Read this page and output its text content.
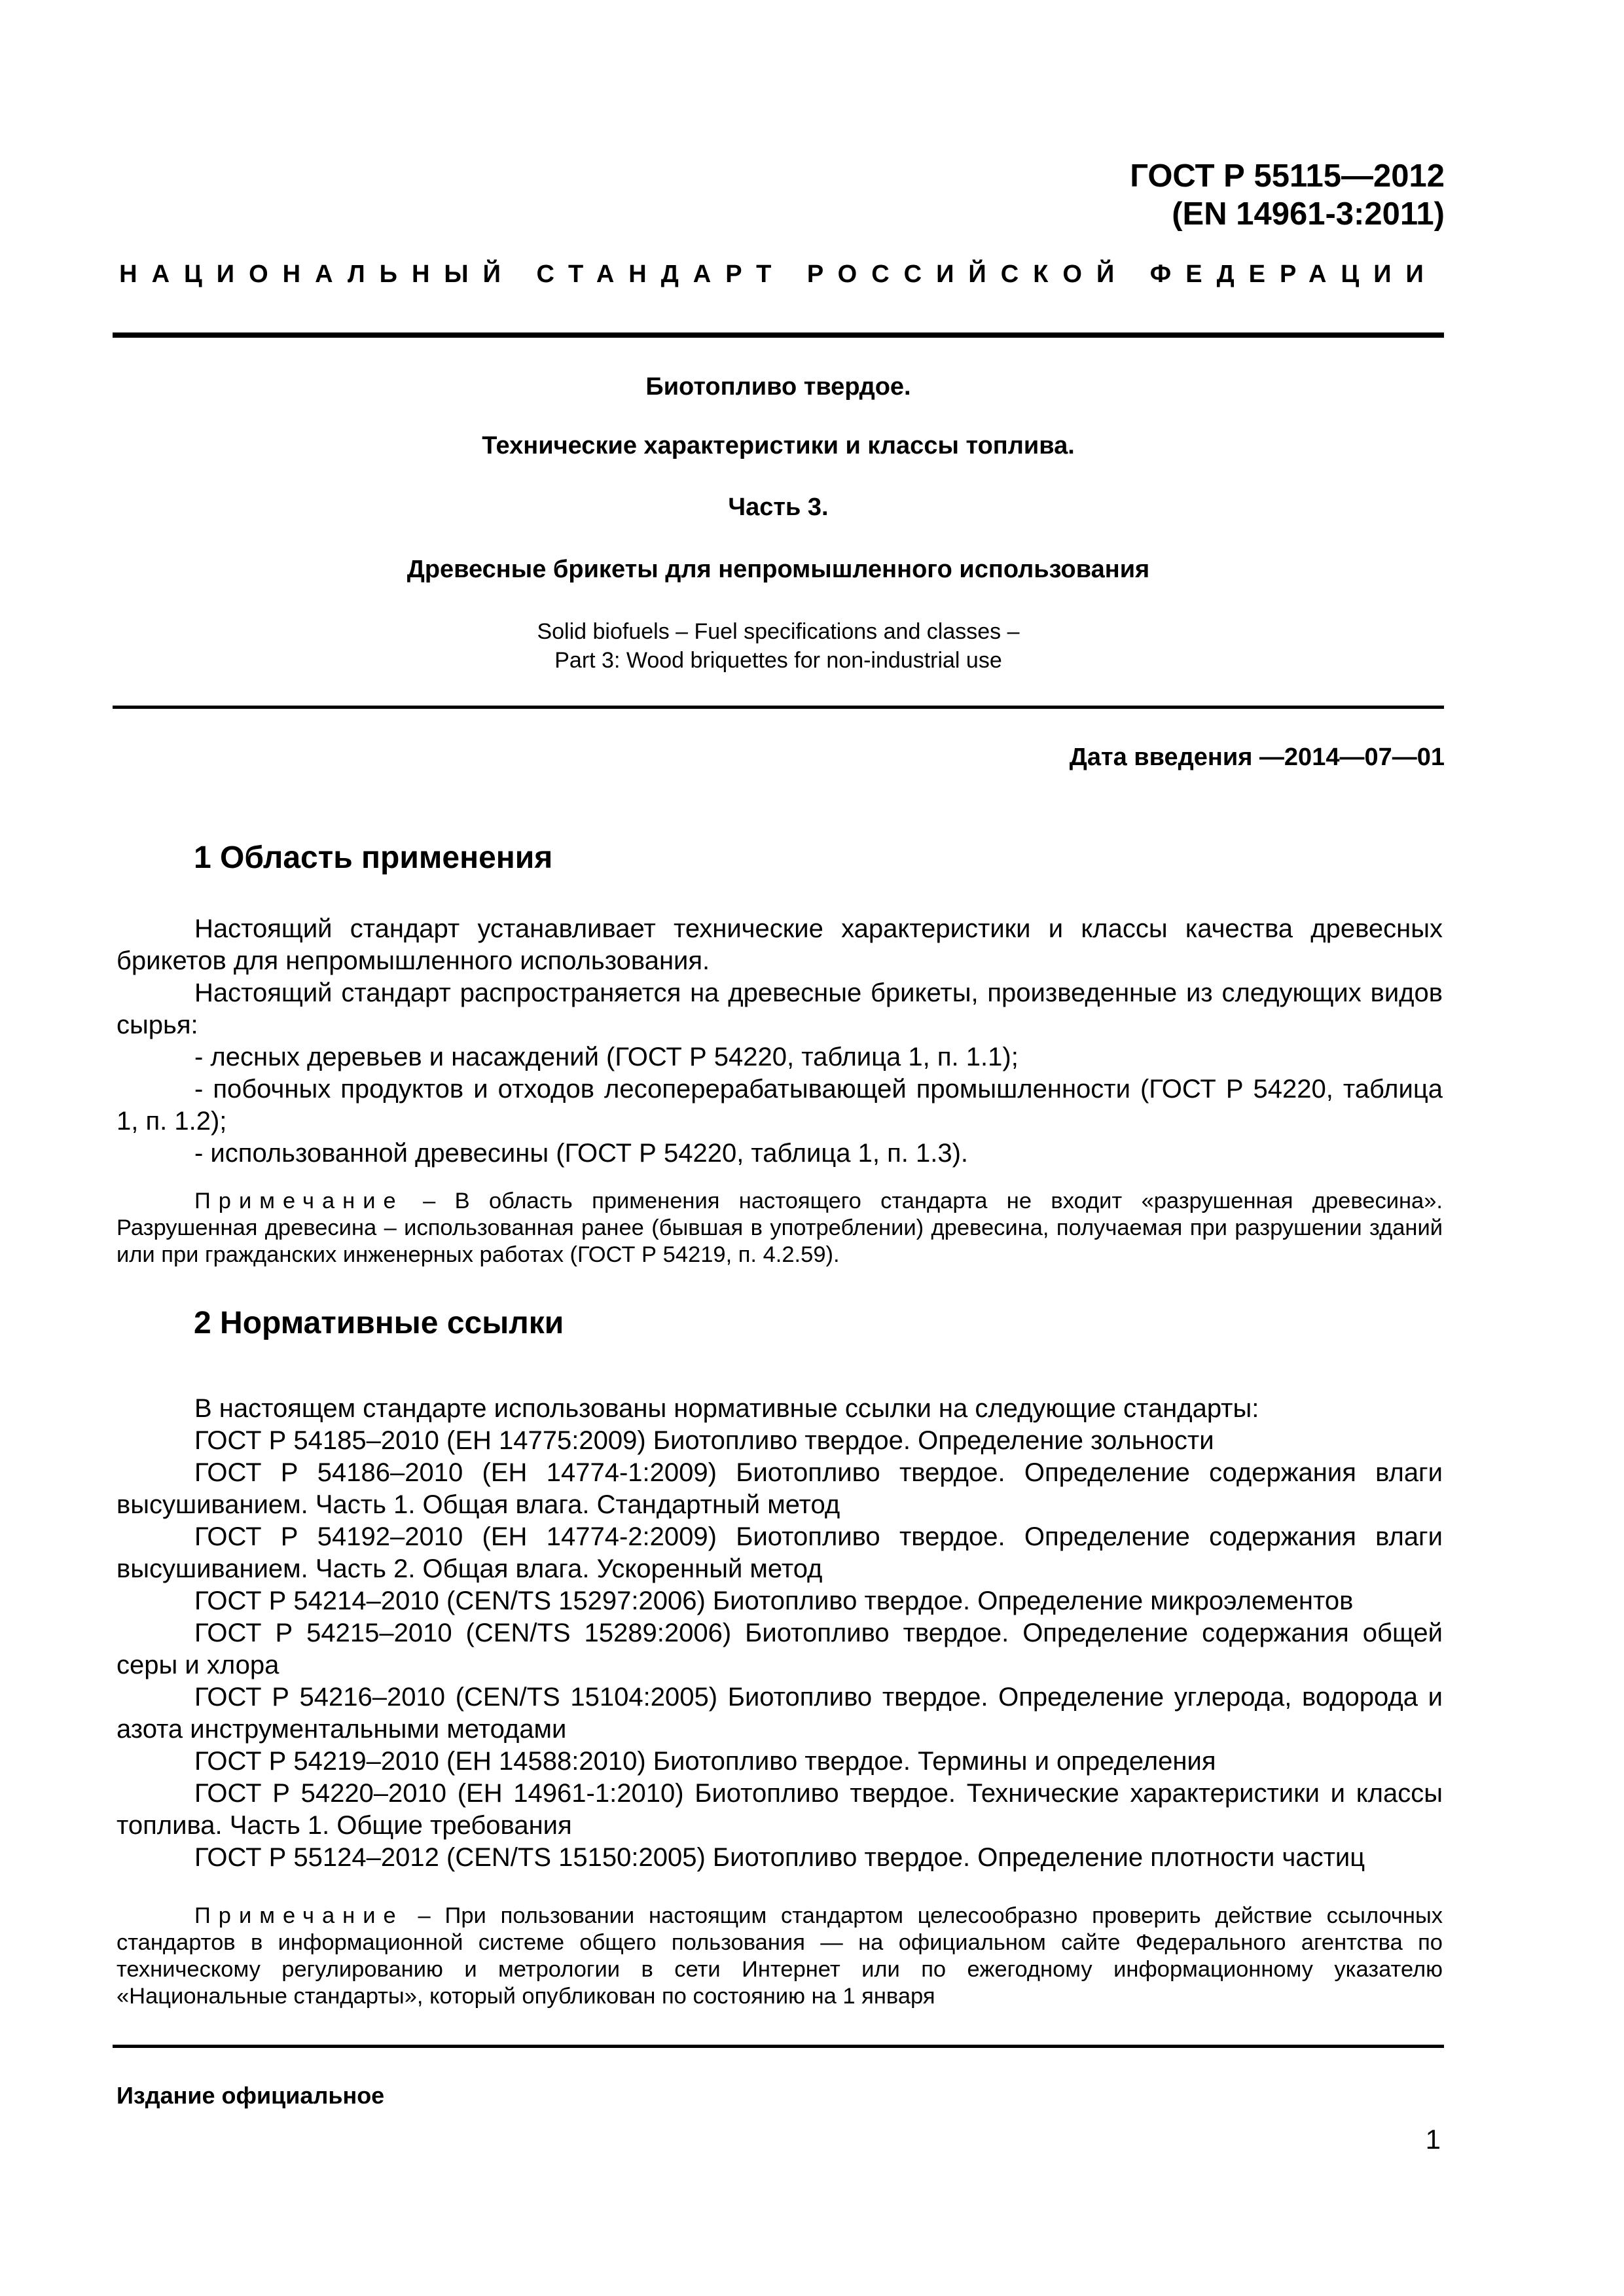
ГОСТ Р 55115—2012
(EN 14961-3:2011)
НАЦИОНАЛЬНЫЙ СТАНДАРТ РОССИЙСКОЙ ФЕДЕРАЦИИ
Биотопливо твердое.
Технические характеристики и классы топлива.
Часть 3.
Древесные брикеты для непромышленного использования
Solid biofuels – Fuel specifications and classes –
Part 3: Wood briquettes for non-industrial use
Дата введения —2014—07—01
1 Область применения

Настоящий стандарт устанавливает технические характеристики и классы качества древесных брикетов для непромышленного использования.

Настоящий стандарт распространяется на древесные брикеты, произведенные из следующих видов сырья:

- лесных деревьев и насаждений (ГОСТ Р 54220, таблица 1, п. 1.1);

- побочных продуктов и отходов лесоперерабатывающей промышленности (ГОСТ Р 54220, таблица 1, п. 1.2);

- использованной древесины (ГОСТ Р 54220, таблица 1, п. 1.3).

Примечание – В область применения настоящего стандарта не входит «разрушенная древесина». Разрушенная древесина – использованная ранее (бывшая в употреблении) древесина, получаемая при разрушении зданий или при гражданских инженерных работах (ГОСТ Р 54219, п. 4.2.59).

2 Нормативные ссылки

В настоящем стандарте использованы нормативные ссылки на следующие стандарты:

ГОСТ Р 54185–2010 (ЕН 14775:2009) Биотопливо твердое. Определение зольности

ГОСТ Р 54186–2010 (ЕН 14774-1:2009) Биотопливо твердое. Определение содержания влаги высушиванием. Часть 1. Общая влага. Стандартный метод

ГОСТ Р 54192–2010 (ЕН 14774-2:2009) Биотопливо твердое. Определение содержания влаги высушиванием. Часть 2. Общая влага. Ускоренный метод

ГОСТ Р 54214–2010 (CEN/TS 15297:2006) Биотопливо твердое. Определение микроэлементов

ГОСТ Р 54215–2010 (CEN/TS 15289:2006) Биотопливо твердое. Определение содержания общей серы и хлора

ГОСТ Р 54216–2010 (CEN/TS 15104:2005) Биотопливо твердое. Определение углерода, водорода и азота инструментальными методами

ГОСТ Р 54219–2010 (ЕН 14588:2010) Биотопливо твердое. Термины и определения

ГОСТ Р 54220–2010 (ЕН 14961-1:2010) Биотопливо твердое. Технические характеристики и классы топлива. Часть 1. Общие требования

ГОСТ Р 55124–2012 (CEN/TS 15150:2005) Биотопливо твердое. Определение плотности частиц

Примечание – При пользовании настоящим стандартом целесообразно проверить действие ссылочных стандартов в информационной системе общего пользования — на официальном сайте Федерального агентства по техническому регулированию и метрологии в сети Интернет или по ежегодному информационному указателю «Национальные стандарты», который опубликован по состоянию на 1 января

Издание официальное
1
